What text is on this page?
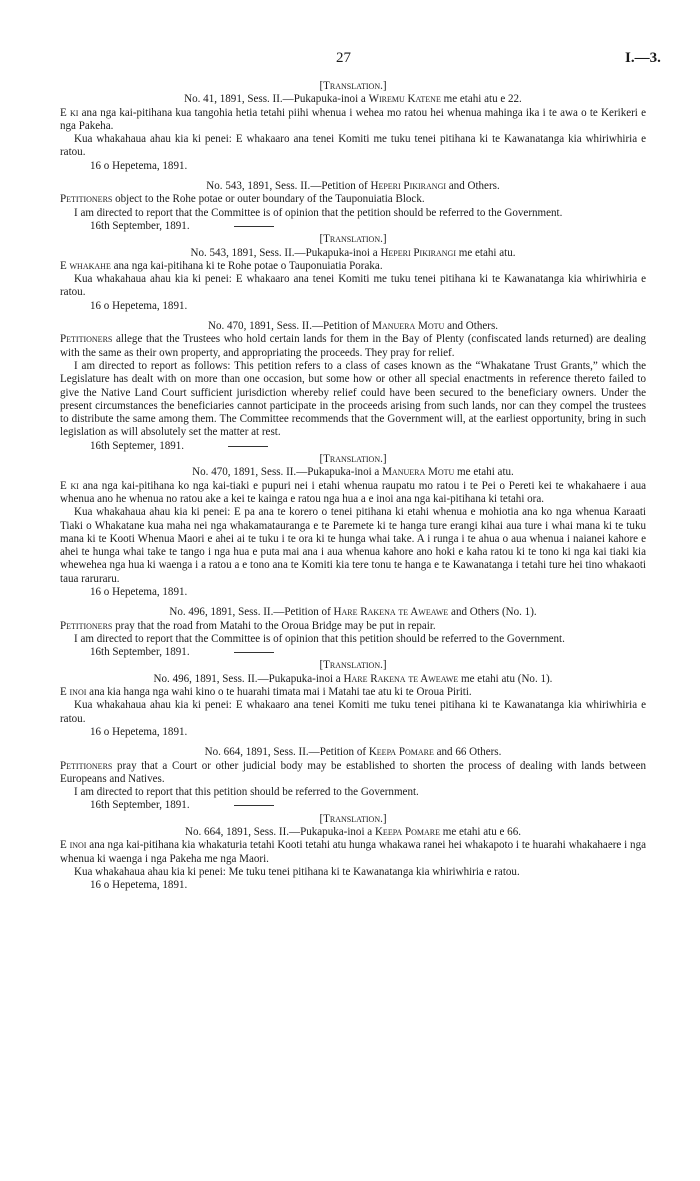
27	I.—3.

[Translation.]

No. 41, 1891, Sess. II.—Pukapuka-inoi a Wiremu Katene me etahi atu e 22.

E ki ana nga kai-pitihana kua tangohia hetia tetahi piihi whenua i wehea mo ratou hei whenua mahinga ika i te awa o te Kerikeri e nga Pakeha.

Kua whakahaua ahau kia ki penei: E whakaaro ana tenei Komiti me tuku tenei pitihana ki te Kawanatanga kia whiriwhiria e ratou.

16 o Hepetema, 1891.

No. 543, 1891, Sess. II.—Petition of Heperi Pikirangi and Others.

Petitioners object to the Rohe potae or outer boundary of the Tauponuiatia Block.

I am directed to report that the Committee is of opinion that the petition should be referred to the Government.

16th September, 1891.

[Translation.]

No. 543, 1891, Sess. II.—Pukapuka-inoi a Heperi Pikirangi me etahi atu.

E whakahe ana nga kai-pitihana ki te Rohe potae o Tauponuiatia Poraka.

Kua whakahaua ahau kia ki penei: E whakaaro ana tenei Komiti me tuku tenei pitihana ki te Kawanatanga kia whiriwhiria e ratou.

16 o Hepetema, 1891.

No. 470, 1891, Sess. II.—Petition of Manuera Motu and Others.

Petitioners allege that the Trustees who hold certain lands for them in the Bay of Plenty (confiscated lands returned) are dealing with the same as their own property, and appropriating the proceeds. They pray for relief.

I am directed to report as follows: This petition refers to a class of cases known as the “Whakatane Trust Grants,” which the Legislature has dealt with on more than one occasion, but some how or other all special enactments in reference thereto failed to give the Native Land Court sufficient jurisdiction whereby relief could have been secured to the beneficiary owners. Under the present circumstances the beneficiaries cannot participate in the proceeds arising from such lands, nor can they compel the trustees to distribute the same among them. The Committee recommends that the Government will, at the earliest opportunity, bring in such legislation as will absolutely set the matter at rest.

16th Septemer, 1891.

[Translation.]

No. 470, 1891, Sess. II.—Pukapuka-inoi a Manuera Motu me etahi atu.

E ki ana nga kai-pitihana ko nga kai-tiaki e pupuri nei i etahi whenua raupatu mo ratou i te Pei o Pereti kei te whakahaere i aua whenua ano he whenua no ratou ake a kei te kainga e ratou nga hua a e inoi ana nga kai-pitihana ki tetahi ora.

Kua whakahaua ahau kia ki penei: E pa ana te korero o tenei pitihana ki etahi whenua e mohiotia ana ko nga whenua Karaati Tiaki o Whakatane kua maha nei nga whakamatauranga e te Paremete ki te hanga ture erangi kihai aua ture i whai mana ki te tuku mana ki te Kooti Whenua Maori e ahei ai te tuku i te ora ki te hunga whai take. A i runga i te ahua o aua whenua i naianei kahore e ahei te hunga whai take te tango i nga hua e puta mai ana i aua whenua kahore ano hoki e kaha ratou ki te tono ki nga kai tiaki kia whewehea nga hua ki waenga i a ratou a e tono ana te Komiti kia tere tonu te hanga e te Kawanatanga i tetahi ture hei tino whakaoti taua raruraru.

16 o Hepetema, 1891.

No. 496, 1891, Sess. II.—Petition of Hare Rakena te Aweawe and Others (No. 1).

Petitioners pray that the road from Matahi to the Oroua Bridge may be put in repair.

I am directed to report that the Committee is of opinion that this petition should be referred to the Government.

16th September, 1891.

[Translation.]

No. 496, 1891, Sess. II.—Pukapuka-inoi a Hare Rakena te Aweawe me etahi atu (No. 1).

E inoi ana kia hanga nga wahi kino o te huarahi timata mai i Matahi tae atu ki te Oroua Piriti.

Kua whakahaua ahau kia ki penei: E whakaaro ana tenei Komiti me tuku tenei pitihana ki te Kawanatanga kia whiriwhiria e ratou.

16 o Hepetema, 1891.

No. 664, 1891, Sess. II.—Petition of Keepa Pomare and 66 Others.

Petitioners pray that a Court or other judicial body may be established to shorten the process of dealing with lands between Europeans and Natives.

I am directed to report that this petition should be referred to the Government.

16th September, 1891.

[Translation.]

No. 664, 1891, Sess. II.—Pukapuka-inoi a Keepa Pomare me etahi atu e 66.

E inoi ana nga kai-pitihana kia whakaturia tetahi Kooti tetahi atu hunga whakawa ranei hei whakapoto i te huarahi whakahaere i nga whenua ki waenga i nga Pakeha me nga Maori.

Kua whakahaua ahau kia ki penei: Me tuku tenei pitihana ki te Kawanatanga kia whiriwhiria e ratou.

16 o Hepetema, 1891.
